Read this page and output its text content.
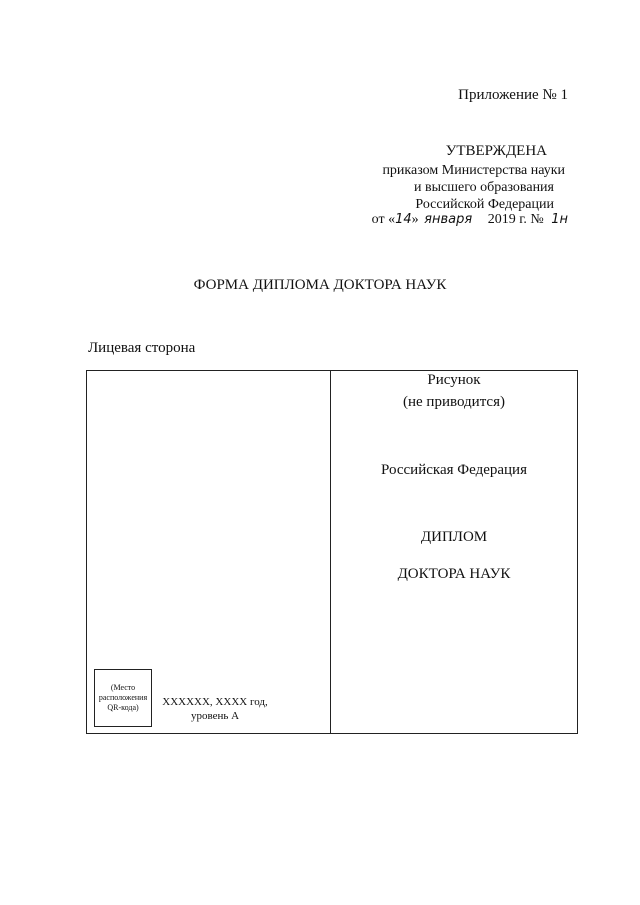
Приложение № 1
УТВЕРЖДЕНА
приказом Министерства науки
и высшего образования
Российской Федерации
от «14» января 2019 г. № 1н
ФОРМА ДИПЛОМА ДОКТОРА НАУК
Лицевая сторона
(Место расположения QR-кода)	XXXXXX, XXXX год,
уровень А
Рисунок
(не приводится)
Российская Федерация
ДИПЛОМ
ДОКТОРА НАУК
